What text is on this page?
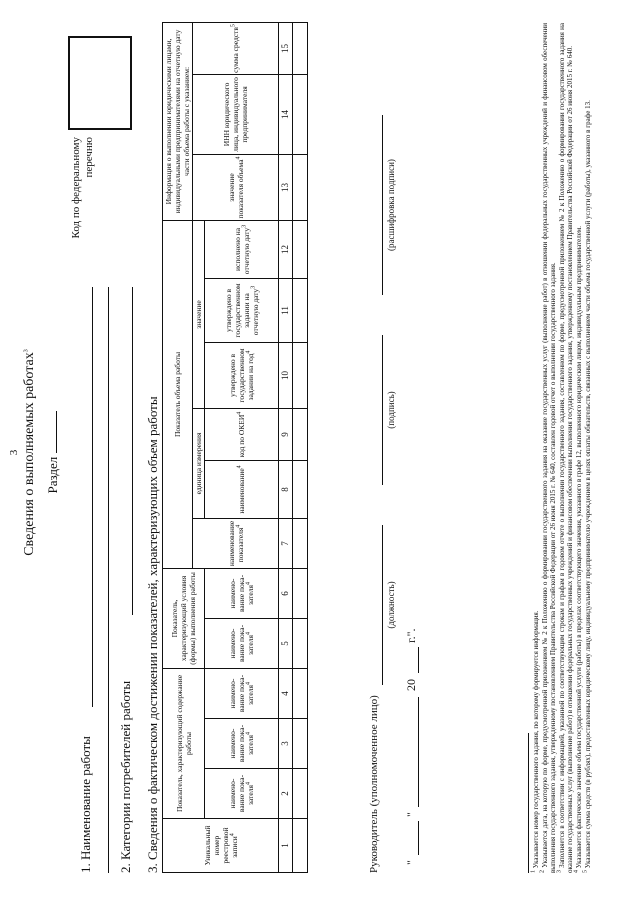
3 Сведения о выполняемых работах$^3$
Раздел
Код по федеральному перечню
1. Наименование работы 2. Категории потребителей работы 3. Сведения о фактическом достижении показателей, характеризующих объем работы	Уникальный номер реестровой записи$^4$	Показатель, характеризующий содержание работы			Показатель, характеризующий условия (формы) выполнения работы		Показатель объема работы						Информация о выполнении юридическими лицами, индивидуальными предпринимателями на отчетную дату части объема работы с указанием:		
						наименование показателя$^4$	единица измерения		значение			значение показателя объема$^4$	ИНН юридического лица, индивидуального предпринимателя	сумма средств$^5$
	наимено-вание пока-зателя$^4$	наимено-вание пока-зателя$^4$	наимено-вание пока-зателя$^4$	наимено-вание пока-зателя$^4$	наимено-вание пока-зателя$^4$		наименование$^4$	код по ОКЕИ$^4$	утверждено в государственном задании на год$^4$	утверждено в государственном задании на отчетную дату$^3$	исполнено на отчетную дату$^3$
1	2	3	4	5	6	7	8	9	10	11	12	13	14	15

Руководитель (уполномоченное лицо)
(должность)
(подпись)
(расшифровка подписи)
"
"
20
г.".
$^1$ Указывается номер государственного задания, по которому формируется информация.
$^2$ Указывается дата, на которую по форме, предусмотренной приложением № 2 к Положению о формировании государственного задания на оказание государственных услуг (выполнение работ) в отношении федеральных государственных учреждений и финансовом обеспечении выполнения государственного задания, утвержденному постановлением Правительства Российской Федерации от 26 июня 2015 г. № 640, составлен годовой отчет о выполнении государственного задания. $^3$ Заполняется в соответствии с информацией, указанной по соответствующим строкам и графам в годовом отчете о выполнении государственного задания, составленном по форме, предусмотренной приложением № 2 к Положению о формировании государственного задания на оказание государственных услуг (выполнение работ) в отношении федеральных государственных учреждений и финансовом обеспечении выполнения государственного задания, утвержденному постановлением Правительства Российской Федерации от 26 июня 2015 г. № 640. $^4$ Указывается фактическое значение объема государственной услуги (работы) в пределах соответствующего значения, указанного в графе 12, выполненного юридическим лицом, индивидуальным предпринимателем.
$^5$ Указывается сумма средств (в рублях), предоставленных юридическому лицу, индивидуальному предпринимателю учреждением в целях оплаты обязательств, связанных с выполнением части объема государственной услуги (работы), указанного в графе 13.
